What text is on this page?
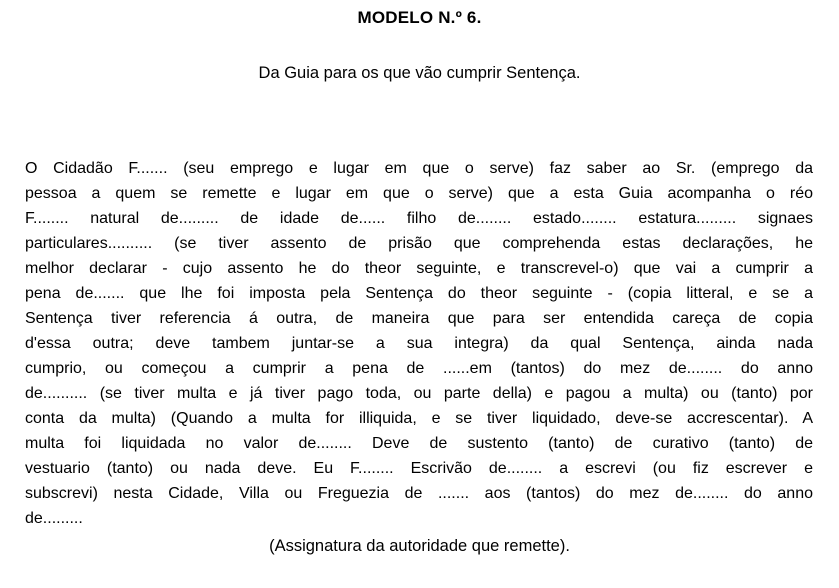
MODELO N.º 6.
Da Guia para os que vão cumprir Sentença.
O Cidadão F....... (seu emprego e lugar em que o serve) faz saber ao Sr. (emprego da
pessoa a quem se remette e lugar em que o serve) que a esta Guia acompanha o réo
F........ natural de......... de idade de...... filho de........ estado........ estatura......... signaes
particulares.......... (se tiver assento de prisão que comprehenda estas declarações, he
melhor declarar - cujo assento he do theor seguinte, e transcrevel-o) que vai a cumprir a
pena de....... que lhe foi imposta pela Sentença do theor seguinte - (copia litteral, e se a
Sentença tiver referencia á outra, de maneira que para ser entendida careça de copia
d'essa outra; deve tambem juntar-se a sua integra) da qual Sentença, ainda nada
cumprio, ou começou a cumprir a pena de ......em (tantos) do mez de........ do anno
de.......... (se tiver multa e já tiver pago toda, ou parte della) e pagou a multa) ou (tanto) por
conta da multa) (Quando a multa for illiquida, e se tiver liquidado, deve-se accrescentar). A
multa foi liquidada no valor de........ Deve de sustento (tanto) de curativo (tanto) de
vestuario (tanto) ou nada deve. Eu F........ Escrivão de........ a escrevi (ou fiz escrever e
subscrevi) nesta Cidade, Villa ou Freguezia de ....... aos (tantos) do mez de........ do anno
de.........
(Assignatura da autoridade que remette).
